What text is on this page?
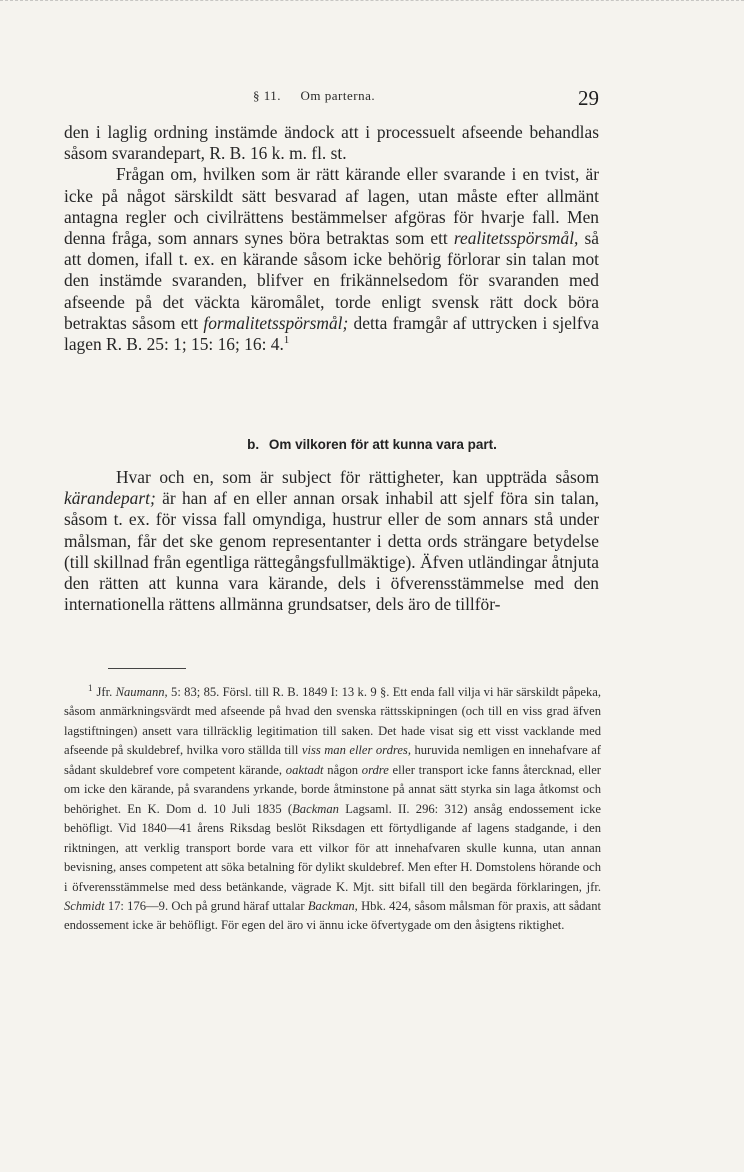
§ 11. Om parterna.	29

den i laglig ordning instämde ändock att i processuelt afseende behandlas såsom svarandepart, R. B. 16 k. m. fl. st.

Frågan om, hvilken som är rätt kärande eller svarande i en tvist, är icke på något särskildt sätt besvarad af lagen, utan måste efter allmänt antagna regler och civilrättens bestämmelser afgöras för hvarje fall. Men denna fråga, som annars synes böra betraktas som ett realitetsspörsmål, så att domen, ifall t. ex. en kärande såsom icke behörig förlorar sin talan mot den instämde svaranden, blifver en frikännelsedom för svaranden med afseende på det väckta käromålet, torde enligt svensk rätt dock böra betraktas såsom ett formalitetsspörsmål; detta framgår af uttrycken i sjelfva lagen R. B. 25: 1; 15: 16; 16: 4.$^1$

b. Om vilkoren för att kunna vara part.

Hvar och en, som är subject för rättigheter, kan uppträda såsom kärandepart; är han af en eller annan orsak inhabil att sjelf föra sin talan, såsom t. ex. för vissa fall omyndiga, hustrur eller de som annars stå under målsman, får det ske genom representanter i detta ords strängare betydelse (till skillnad från egentliga rättegångsfullmäktige). Äfven utländingar åtnjuta den rätten att kunna vara kärande, dels i öfverensstämmelse med den internationella rättens allmänna grundsatser, dels äro de tillför-

$^1$ Jfr. Naumann, 5: 83; 85. Försl. till R. B. 1849 I: 13 k. 9 §. Ett enda fall vilja vi här särskildt påpeka, såsom anmärkningsvärdt med afseende på hvad den svenska rättsskipningen (och till en viss grad äfven lagstiftningen) ansett vara tillräcklig legitimation till saken. Det hade visat sig ett visst vacklande med afseende på skuldebref, hvilka voro ställda till viss man eller ordres, huruvida nemligen en innehafvare af sådant skuldebref vore competent kärande, oaktadt någon ordre eller transport icke fanns återcknad, eller om icke den kärande, på svarandens yrkande, borde åtminstone på annat sätt styrka sin laga åtkomst och behörighet. En K. Dom d. 10 Juli 1835 (Backman Lagsaml. II. 296: 312) ansåg endossement icke behöfligt. Vid 1840—41 årens Riksdag beslöt Riksdagen ett förtydligande af lagens stadgande, i den riktningen, att verklig transport borde vara ett vilkor för att innehafvaren skulle kunna, utan annan bevisning, anses competent att söka betalning för dylikt skuldebref. Men efter H. Domstolens hörande och i öfverensstämmelse med dess betänkande, vägrade K. Mjt. sitt bifall till den begärda förklaringen, jfr. Schmidt 17: 176—9. Och på grund häraf uttalar Backman, Hbk. 424, såsom målsman för praxis, att sådant endossement icke är behöfligt. För egen del äro vi ännu icke öfvertygade om den åsigtens riktighet.
